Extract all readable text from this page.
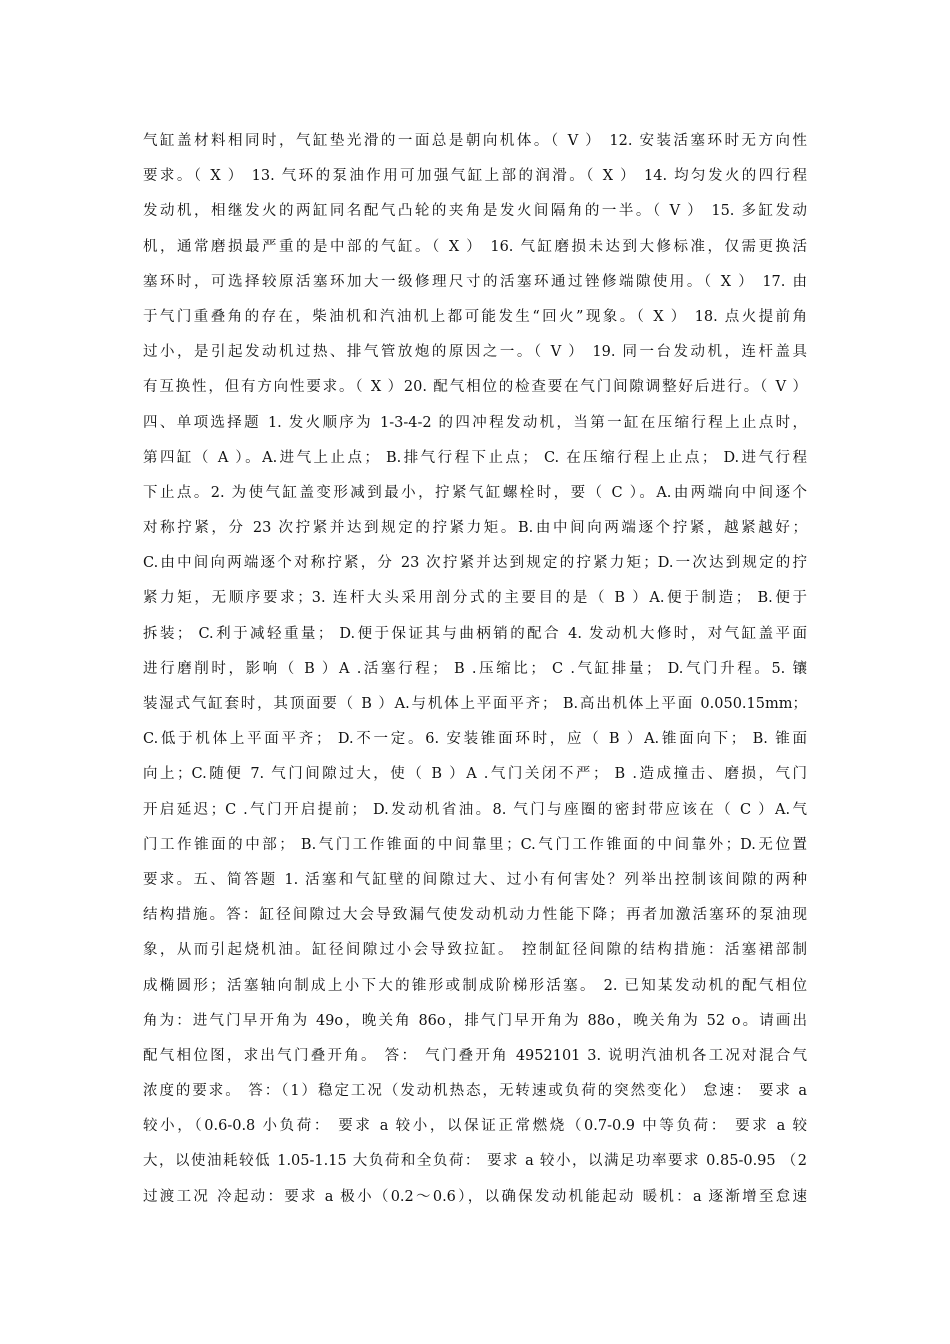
气缸盖材料相同时，气缸垫光滑的一面总是朝向机体。（ V ） 12. 安装活塞环时无方向性
要求。（ X ） 13. 气环的泵油作用可加强气缸上部的润滑。（ X ） 14. 均匀发火的四行程
发动机，相继发火的两缸同名配气凸轮的夹角是发火间隔角的一半。（ V ） 15. 多缸发动
机，通常磨损最严重的是中部的气缸。（ X ） 16. 气缸磨损未达到大修标准，仅需更换活
塞环时，可选择较原活塞环加大一级修理尺寸的活塞环通过锉修端隙使用。（ X ） 17. 由
于气门重叠角的存在，柴油机和汽油机上都可能发生“回火”现象。（ X ） 18. 点火提前角
过小，是引起发动机过热、排气管放炮的原因之一。（ V ） 19. 同一台发动机，连杆盖具
有互换性，但有方向性要求。（ X ）20. 配气相位的检查要在气门间隙调整好后进行。（ V ）
四、单项选择题 1. 发火顺序为 1-3-4-2 的四冲程发动机，当第一缸在压缩行程上止点时，
第四缸（ A ）。A.进气上止点； B.排气行程下止点； C. 在压缩行程上止点； D.进气行程
下止点。2. 为使气缸盖变形减到最小，拧紧气缸螺栓时，要（ C ）。A.由两端向中间逐个
对称拧紧，分 23 次拧紧并达到规定的拧紧力矩。B.由中间向两端逐个拧紧，越紧越好；
C.由中间向两端逐个对称拧紧，分 23 次拧紧并达到规定的拧紧力矩；D.一次达到规定的拧
紧力矩，无顺序要求；3. 连杆大头采用剖分式的主要目的是（ B ）A.便于制造； B.便于
拆装； C.利于减轻重量； D.便于保证其与曲柄销的配合 4. 发动机大修时，对气缸盖平面
进行磨削时，影响（ B ）A .活塞行程； B .压缩比； C .气缸排量； D.气门升程。5. 镶
装湿式气缸套时，其顶面要（ B ）A.与机体上平面平齐； B.高出机体上平面 0.050.15mm；
C.低于机体上平面平齐； D.不一定。6. 安装锥面环时，应（ B ）A.锥面向下； B. 锥面
向上；C.随便 7. 气门间隙过大，使（ B ）A .气门关闭不严； B .造成撞击、磨损，气门
开启延迟；C .气门开启提前； D.发动机省油。8. 气门与座圈的密封带应该在（ C ）A.气
门工作锥面的中部； B.气门工作锥面的中间靠里；C.气门工作锥面的中间靠外；D.无位置
要求。五、简答题 1. 活塞和气缸壁的间隙过大、过小有何害处？列举出控制该间隙的两种
结构措施。答：缸径间隙过大会导致漏气使发动机动力性能下降；再者加激活塞环的泵油现
象，从而引起烧机油。缸径间隙过小会导致拉缸。 控制缸径间隙的结构措施：活塞裙部制
成椭圆形；活塞轴向制成上小下大的锥形或制成阶梯形活塞。 2. 已知某发动机的配气相位
角为：进气门早开角为 49o，晚关角 86o，排气门早开角为 88o，晚关角为 52 o。请画出
配气相位图，求出气门叠开角。 答： 气门叠开角 4952101 3. 说明汽油机各工况对混合气
浓度的要求。 答：（1）稳定工况（发动机热态，无转速或负荷的突然变化） 怠速： 要求 a
较小，（0.6-0.8 小负荷： 要求 a 较小，以保证正常燃烧（0.7-0.9 中等负荷： 要求 a 较
大，以使油耗较低 1.05-1.15 大负荷和全负荷： 要求 a 较小，以满足功率要求 0.85-0.95 （2
过渡工况 冷起动：要求 a 极小（0.2～0.6），以确保发动机能起动 暖机：a 逐渐增至怠速
